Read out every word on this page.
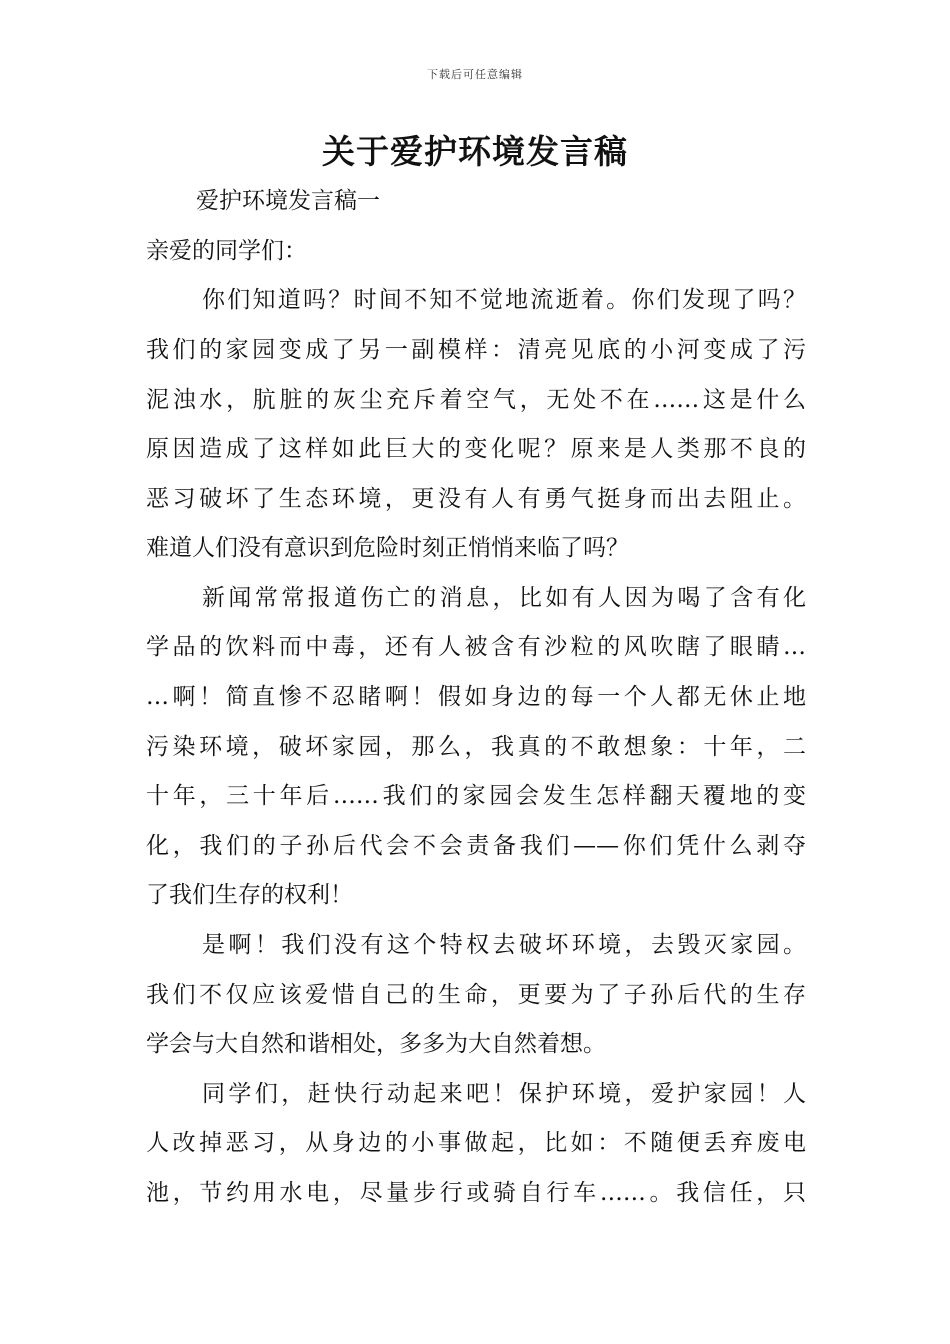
下载后可任意编辑
关于爱护环境发言稿

爱护环境发言稿一

亲爱的同学们：

你们知道吗？时间不知不觉地流逝着。你们发现了吗？

我们的家园变成了另一副模样：清亮见底的小河变成了污

泥浊水，肮脏的灰尘充斥着空气，无处不在……这是什么

原因造成了这样如此巨大的变化呢？原来是人类那不良的

恶习破坏了生态环境，更没有人有勇气挺身而出去阻止。

难道人们没有意识到危险时刻正悄悄来临了吗？

新闻常常报道伤亡的消息，比如有人因为喝了含有化

学品的饮料而中毒，还有人被含有沙粒的风吹瞎了眼睛…

…啊！简直惨不忍睹啊！假如身边的每一个人都无休止地

污染环境，破坏家园，那么，我真的不敢想象：十年，二

十年，三十年后……我们的家园会发生怎样翻天覆地的变

化，我们的子孙后代会不会责备我们——你们凭什么剥夺

了我们生存的权利！

是啊！我们没有这个特权去破坏环境，去毁灭家园。

我们不仅应该爱惜自己的生命，更要为了子孙后代的生存

学会与大自然和谐相处，多多为大自然着想。

同学们，赶快行动起来吧！保护环境，爱护家园！人

人改掉恶习，从身边的小事做起，比如：不随便丢弃废电

池，节约用水电，尽量步行或骑自行车……。我信任，只
